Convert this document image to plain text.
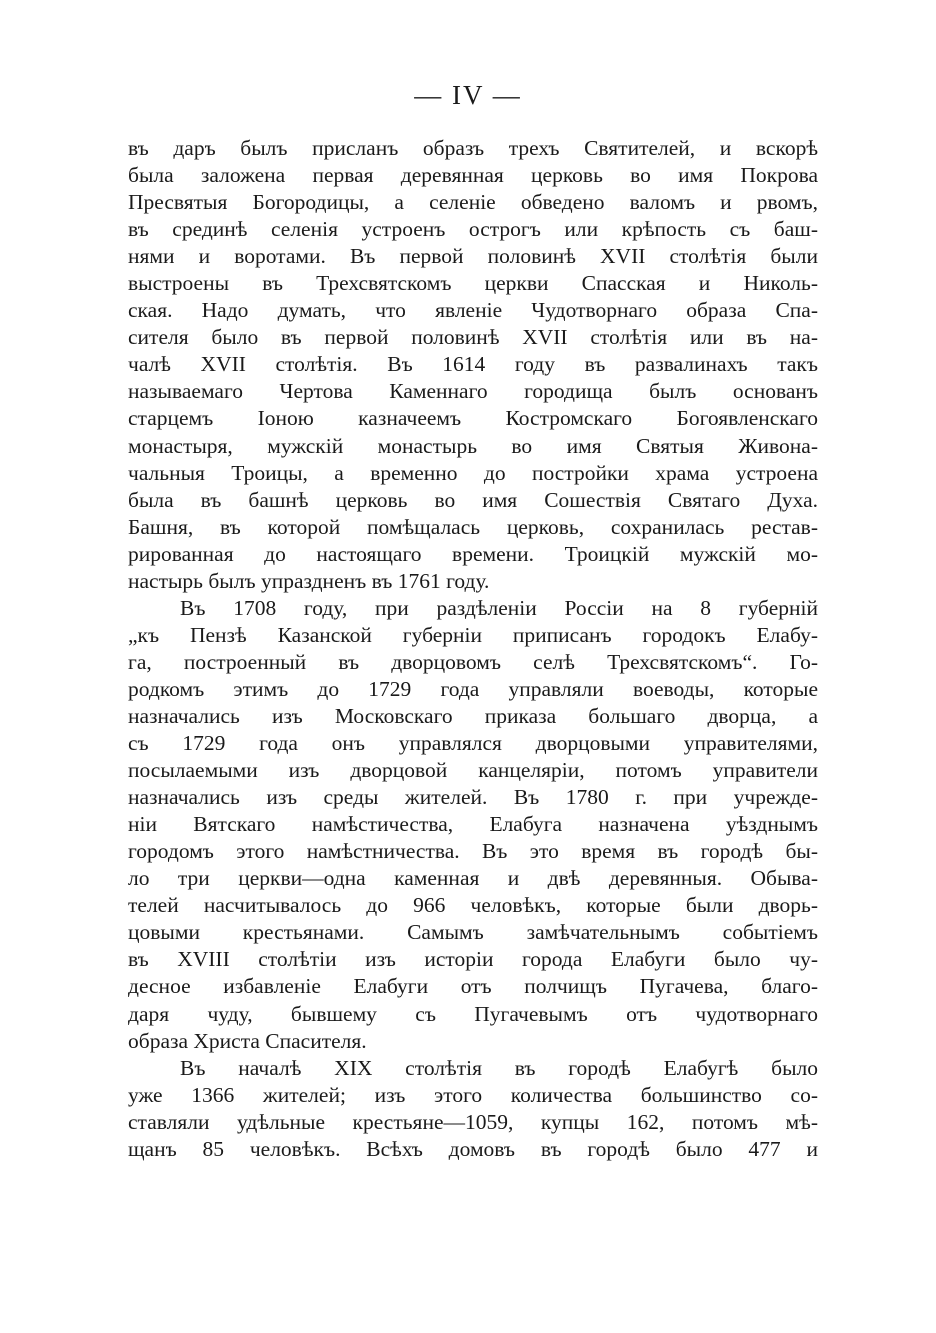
— IV —
въ даръ былъ присланъ образъ трехъ Святителей, и вскорѣ
была заложена первая деревянная церковь во имя Покрова
Пресвятыя Богородицы, а селеніе обведено валомъ и рвомъ,
въ срединѣ селенія устроенъ острогъ или крѣпость съ баш-
нями и воротами. Въ первой половинѣ XVII столѣтія были
выстроены въ Трехсвятскомъ церкви Спасская и Николь-
ская. Надо думать, что явленіе Чудотворнаго образа Спа-
сителя было въ первой половинѣ XVII столѣтія или въ на-
чалѣ XVII столѣтія. Въ 1614 году въ развалинахъ такъ
называемаго Чертова Каменнаго городища былъ основанъ
старцемъ Іоною казначеемъ Костромскаго Богоявленскаго
монастыря, мужскій монастырь во имя Святыя Живона-
чальныя Троицы, а временно до постройки храма устроена
была въ башнѣ церковь во имя Сошествія Святаго Духа.
Башня, въ которой помѣщалась церковь, сохранилась рестав-
рированная до настоящаго времени. Троицкій мужскій мо-
настырь былъ упраздненъ въ 1761 году.
Въ 1708 году, при раздѣленіи Россіи на 8 губерній
„къ Пензѣ Казанской губерніи приписанъ городокъ Елабу-
га, построенный въ дворцовомъ селѣ Трехсвятскомъ“. Го-
родкомъ этимъ до 1729 года управляли воеводы, которые
назначались изъ Московскаго приказа большаго дворца, а
съ 1729 года онъ управлялся дворцовыми управителями,
посылаемыми изъ дворцовой канцеляріи, потомъ управители
назначались изъ среды жителей. Въ 1780 г. при учрежде-
ніи Вятскаго намѣстичества, Елабуга назначена уѣзднымъ
городомъ этого намѣстничества. Въ это время въ городѣ бы-
ло три церкви—одна каменная и двѣ деревянныя. Обыва-
телей насчитывалось до 966 человѣкъ, которые были дворь-
цовыми крестьянами. Самымъ замѣчательнымъ событіемъ
въ XVIII столѣтіи изъ исторіи города Елабуги было чу-
десное избавленіе Елабуги отъ полчищъ Пугачева, благо-
даря чуду, бывшему съ Пугачевымъ отъ чудотворнаго
образа Христа Спасителя.
Въ началѣ XIX столѣтія въ городѣ Елабугѣ было
уже 1366 жителей; изъ этого количества большинство со-
ставляли удѣльные крестьяне—1059, купцы 162, потомъ мѣ-
щанъ 85 человѣкъ. Всѣхъ домовъ въ городѣ было 477 и
